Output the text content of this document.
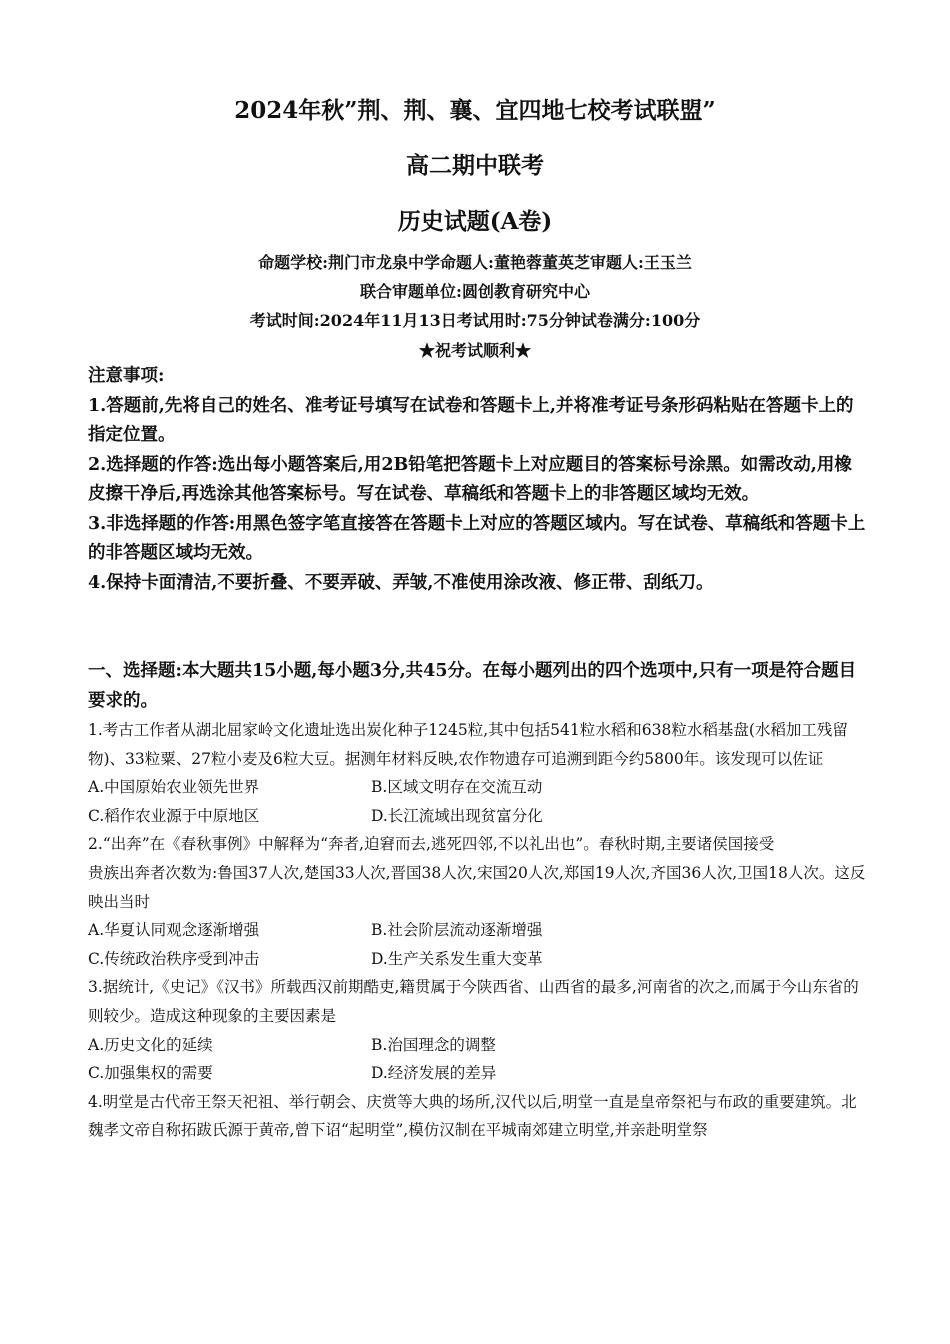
2024年秋”荆、荆、襄、宜四地七校考试联盟”
高二期中联考
历史试题(A卷)
命题学校:荆门市龙泉中学命题人:董艳蓉董英芝审题人:王玉兰
联合审题单位:圆创教育研究中心
考试时间:2024年11月13日考试用时:75分钟试卷满分:100分
★祝考试顺利★

注意事项:

1.答题前,先将自己的姓名、准考证号填写在试卷和答题卡上,并将准考证号条形码粘贴在答题卡上的指定位置。

2.选择题的作答:选出每小题答案后,用2B铅笔把答题卡上对应题目的答案标号涂黑。如需改动,用橡皮擦干净后,再选涂其他答案标号。写在试卷、草稿纸和答题卡上的非答题区域均无效。

3.非选择题的作答:用黑色签字笔直接答在答题卡上对应的答题区域内。写在试卷、草稿纸和答题卡上的非答题区域均无效。

4.保持卡面清洁,不要折叠、不要弄破、弄皱,不准使用涂改液、修正带、刮纸刀。

一、选择题:本大题共15小题,每小题3分,共45分。在每小题列出的四个选项中,只有一项是符合题目要求的。

1.考古工作者从湖北屈家岭文化遗址选出炭化种子1245粒,其中包括541粒水稻和638粒水稻基盘(水稻加工残留物)、33粒粟、27粒小麦及6粒大豆。据测年材料反映,农作物遗存可追溯到距今约5800年。该发现可以佐证

A.中国原始农业领先世界	B.区域文明存在交流互动
C.稻作农业源于中原地区	D.长江流域出现贫富分化

2.“出奔”在《春秋事例》中解释为“奔者,迫窘而去,逃死四邻,不以礼出也”。春秋时期,主要诸侯国接受

贵族出奔者次数为:鲁国37人次,楚国33人次,晋国38人次,宋国20人次,郑国19人次,齐国36人次,卫国18人次。这反映出当时

A.华夏认同观念逐渐增强	B.社会阶层流动逐渐增强
C.传统政治秩序受到冲击	D.生产关系发生重大变革

3.据统计,《史记》《汉书》所载西汉前期酷吏,籍贯属于今陕西省、山西省的最多,河南省的次之,而属于今山东省的则较少。造成这种现象的主要因素是

A.历史文化的延续	B.治国理念的调整
C.加强集权的需要	D.经济发展的差异

4.明堂是古代帝王祭天祀祖、举行朝会、庆赏等大典的场所,汉代以后,明堂一直是皇帝祭祀与布政的重要建筑。北魏孝文帝自称拓跋氏源于黄帝,曾下诏“起明堂”,模仿汉制在平城南郊建立明堂,并亲赴明堂祭
